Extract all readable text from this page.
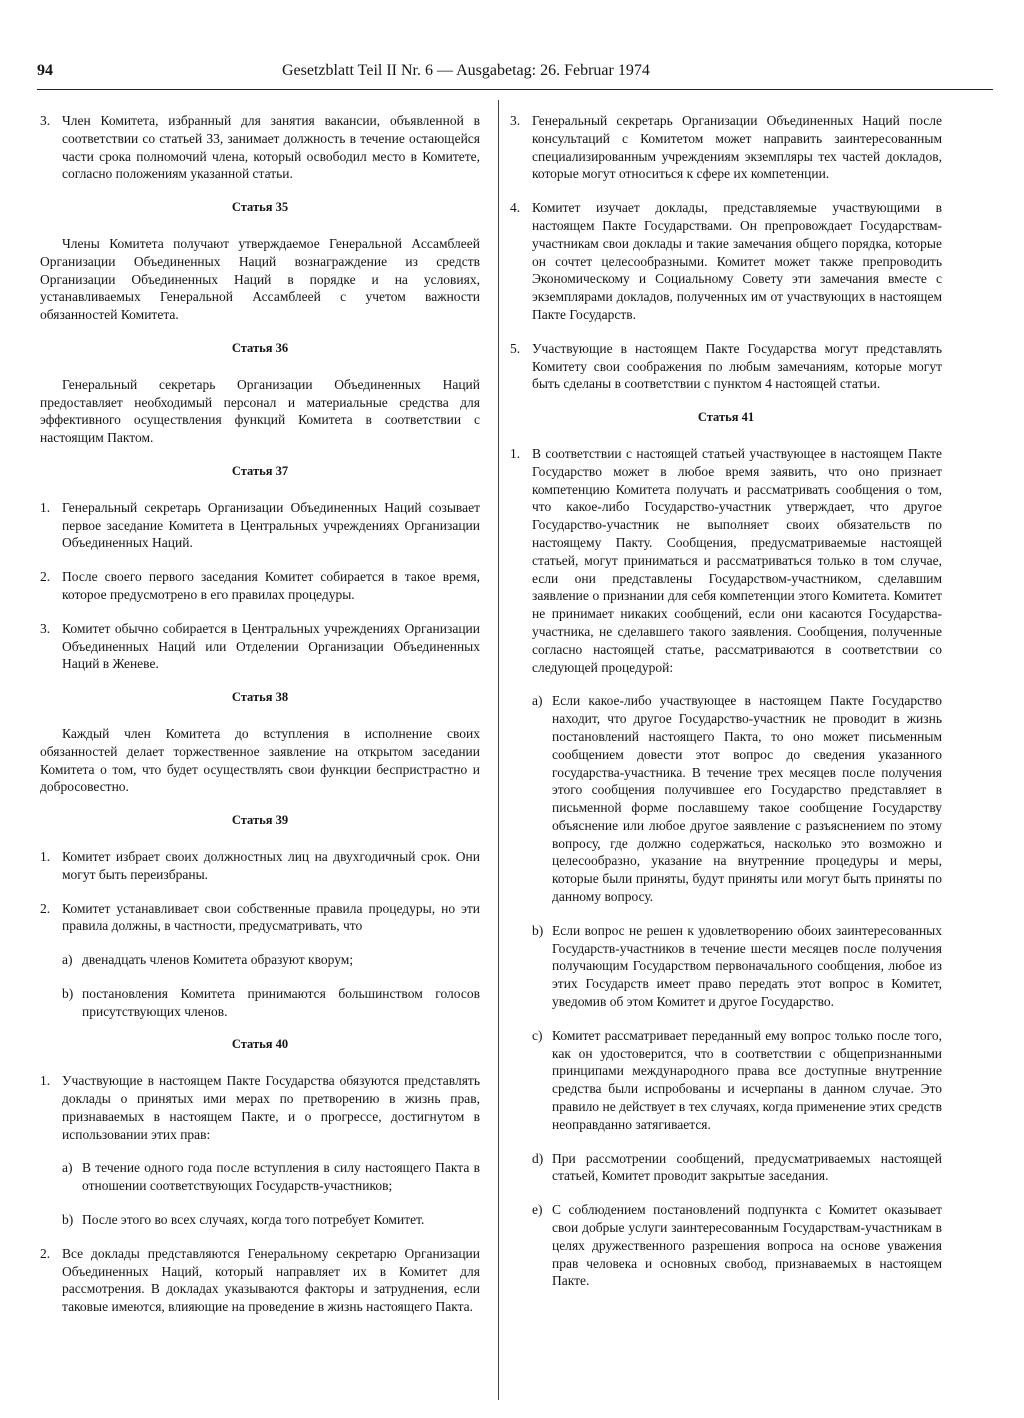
94	Gesetzblatt Teil II Nr. 6 — Ausgabetag: 26. Februar 1974
3. Член Комитета, избранный для занятия вакансии, объявленной в соответствии со статьей 33, занимает должность в течение остающейся части срока полномочий члена, который освободил место в Комитете, согласно положениям указанной статьи.
Статья 35
Члены Комитета получают утверждаемое Генеральной Ассамблеей Организации Объединенных Наций вознаграждение из средств Организации Объединенных Наций в порядке и на условиях, устанавливаемых Генеральной Ассамблеей с учетом важности обязанностей Комитета.
Статья 36
Генеральный секретарь Организации Объединенных Наций предоставляет необходимый персонал и материальные средства для эффективного осуществления функций Комитета в соответствии с настоящим Пактом.
Статья 37
1. Генеральный секретарь Организации Объединенных Наций созывает первое заседание Комитета в Центральных учреждениях Организации Объединенных Наций.
2. После своего первого заседания Комитет собирается в такое время, которое предусмотрено в его правилах процедуры.
3. Комитет обычно собирается в Центральных учреждениях Организации Объединенных Наций или Отделении Организации Объединенных Наций в Женеве.
Статья 38
Каждый член Комитета до вступления в исполнение своих обязанностей делает торжественное заявление на открытом заседании Комитета о том, что будет осуществлять свои функции беспристрастно и добросовестно.
Статья 39
1. Комитет избрает своих должностных лиц на двухгодичный срок. Они могут быть переизбраны.
2. Комитет устанавливает свои собственные правила процедуры, но эти правила должны, в частности, предусматривать, что
a) двенадцать членов Комитета образуют кворум;
b) постановления Комитета принимаются большинством голосов присутствующих членов.
Статья 40
1. Участвующие в настоящем Пакте Государства обязуются представлять доклады о принятых ими мерах по претворению в жизнь прав, признаваемых в настоящем Пакте, и о прогрессе, достигнутом в использовании этих прав:
a) В течение одного года после вступления в силу настоящего Пакта в отношении соответствующих Государств-участников;
b) После этого во всех случаях, когда того потребует Комитет.
2. Все доклады представляются Генеральному секретарю Организации Объединенных Наций, который направляет их в Комитет для рассмотрения. В докладах указываются факторы и затруднения, если таковые имеются, влияющие на проведение в жизнь настоящего Пакта.
3. Генеральный секретарь Организации Объединенных Наций после консультаций с Комитетом может направить заинтересованным специализированным учреждениям экземпляры тех частей докладов, которые могут относиться к сфере их компетенции.
4. Комитет изучает доклады, представляемые участвующими в настоящем Пакте Государствами. Он препровождает Государствам-участникам свои доклады и такие замечания общего порядка, которые он сочтет целесообразными. Комитет может также препроводить Экономическому и Социальному Совету эти замечания вместе с экземплярами докладов, полученных им от участвующих в настоящем Пакте Государств.
5. Участвующие в настоящем Пакте Государства могут представлять Комитету свои соображения по любым замечаниям, которые могут быть сделаны в соответствии с пунктом 4 настоящей статьи.
Статья 41
1. В соответствии с настоящей статьей участвующее в настоящем Пакте Государство может в любое время заявить, что оно признает компетенцию Комитета получать и рассматривать сообщения о том, что какое-либо Государство-участник утверждает, что другое Государство-участник не выполняет своих обязательств по настоящему Пакту. Сообщения, предусматриваемые настоящей статьей, могут приниматься и рассматриваться только в том случае, если они представлены Государством-участником, сделавшим заявление о признании для себя компетенции этого Комитета. Комитет не принимает никаких сообщений, если они касаются Государства-участника, не сделавшего такого заявления. Сообщения, полученные согласно настоящей статье, рассматриваются в соответствии со следующей процедурой:
a) Если какое-либо участвующее в настоящем Пакте Государство находит, что другое Государство-участник не проводит в жизнь постановлений настоящего Пакта, то оно может письменным сообщением довести этот вопрос до сведения указанного государства-участника. В течение трех месяцев после получения этого сообщения получившее его Государство представляет в письменной форме пославшему такое сообщение Государству объяснение или любое другое заявление с разъяснением по этому вопросу, где должно содержаться, насколько это возможно и целесообразно, указание на внутренние процедуры и меры, которые были приняты, будут приняты или могут быть приняты по данному вопросу.
b) Если вопрос не решен к удовлетворению обоих заинтересованных Государств-участников в течение шести месяцев после получения получающим Государством первоначального сообщения, любое из этих Государств имеет право передать этот вопрос в Комитет, уведомив об этом Комитет и другое Государство.
c) Комитет рассматривает переданный ему вопрос только после того, как он удостоверится, что в соответствии с общепризнанными принципами международного права все доступные внутренние средства были испробованы и исчерпаны в данном случае. Это правило не действует в тех случаях, когда применение этих средств неоправданно затягивается.
d) При рассмотрении сообщений, предусматриваемых настоящей статьей, Комитет проводит закрытые заседания.
e) С соблюдением постановлений подпункта c Комитет оказывает свои добрые услуги заинтересованным Государствам-участникам в целях дружественного разрешения вопроса на основе уважения прав человека и основных свобод, признаваемых в настоящем Пакте.
